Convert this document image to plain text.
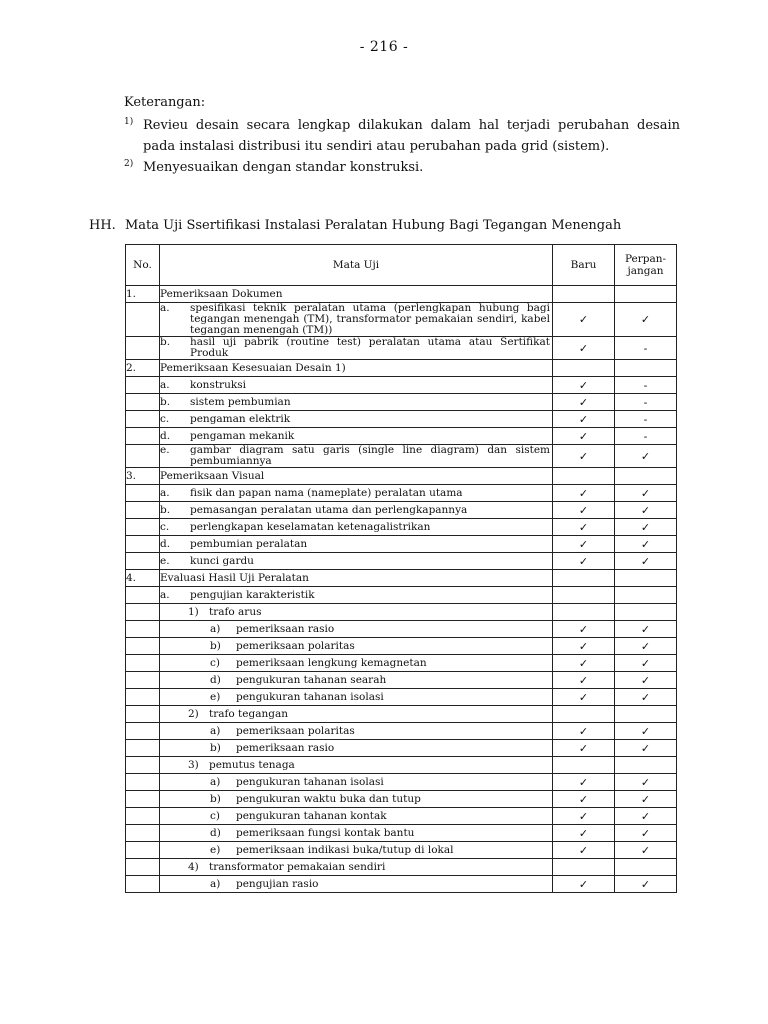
- 216 -
Keterangan:
1) Revieu desain secara lengkap dilakukan dalam hal terjadi perubahan desain pada instalasi distribusi itu sendiri atau perubahan pada grid (sistem).
2) Menyesuaikan dengan standar konstruksi.
HH. Mata Uji Ssertifikasi Instalasi Peralatan Hubung Bagi Tegangan Menengah
No.	Mata Uji	Baru	Perpan-jangan
1.	Pemeriksaan Dokumen		

	a. spesifikasi teknik peralatan utama (perlengkapan hubung bagi tegangan menengah (TM), transformator pemakaian sendiri, kabel tegangan menengah (TM))	✓	✓

	b. hasil uji pabrik (routine test) peralatan utama atau Sertifikat Produk	✓	-
2.	Pemeriksaan Kesesuaian Desain 1)		

	a. konstruksi	✓	-

	b. sistem pembumian	✓	-

	c. pengaman elektrik	✓	-

	d. pengaman mekanik	✓	-

	e. gambar diagram satu garis (single line diagram) dan sistem pembumiannya	✓	✓
3.	Pemeriksaan Visual		

	a. fisik dan papan nama (nameplate) peralatan utama	✓	✓

	b. pemasangan peralatan utama dan perlengkapannya	✓	✓

	c. perlengkapan keselamatan ketenagalistrikan	✓	✓

	d. pembumian peralatan	✓	✓

	e. kunci gardu	✓	✓
4.	Evaluasi Hasil Uji Peralatan		

	a. pengujian karakteristik		

	1) trafo arus		

	a) pemeriksaan rasio	✓	✓

	b) pemeriksaan polaritas	✓	✓

	c) pemeriksaan lengkung kemagnetan	✓	✓

	d) pengukuran tahanan searah	✓	✓

	e) pengukuran tahanan isolasi	✓	✓

	2) trafo tegangan		

	a) pemeriksaan polaritas	✓	✓

	b) pemeriksaan rasio	✓	✓

	3) pemutus tenaga		

	a) pengukuran tahanan isolasi	✓	✓

	b) pengukuran waktu buka dan tutup	✓	✓

	c) pengukuran tahanan kontak	✓	✓

	d) pemeriksaan fungsi kontak bantu	✓	✓

	e) pemeriksaan indikasi buka/tutup di lokal	✓	✓

	4) transformator pemakaian sendiri		

	a) pengujian rasio	✓	✓
